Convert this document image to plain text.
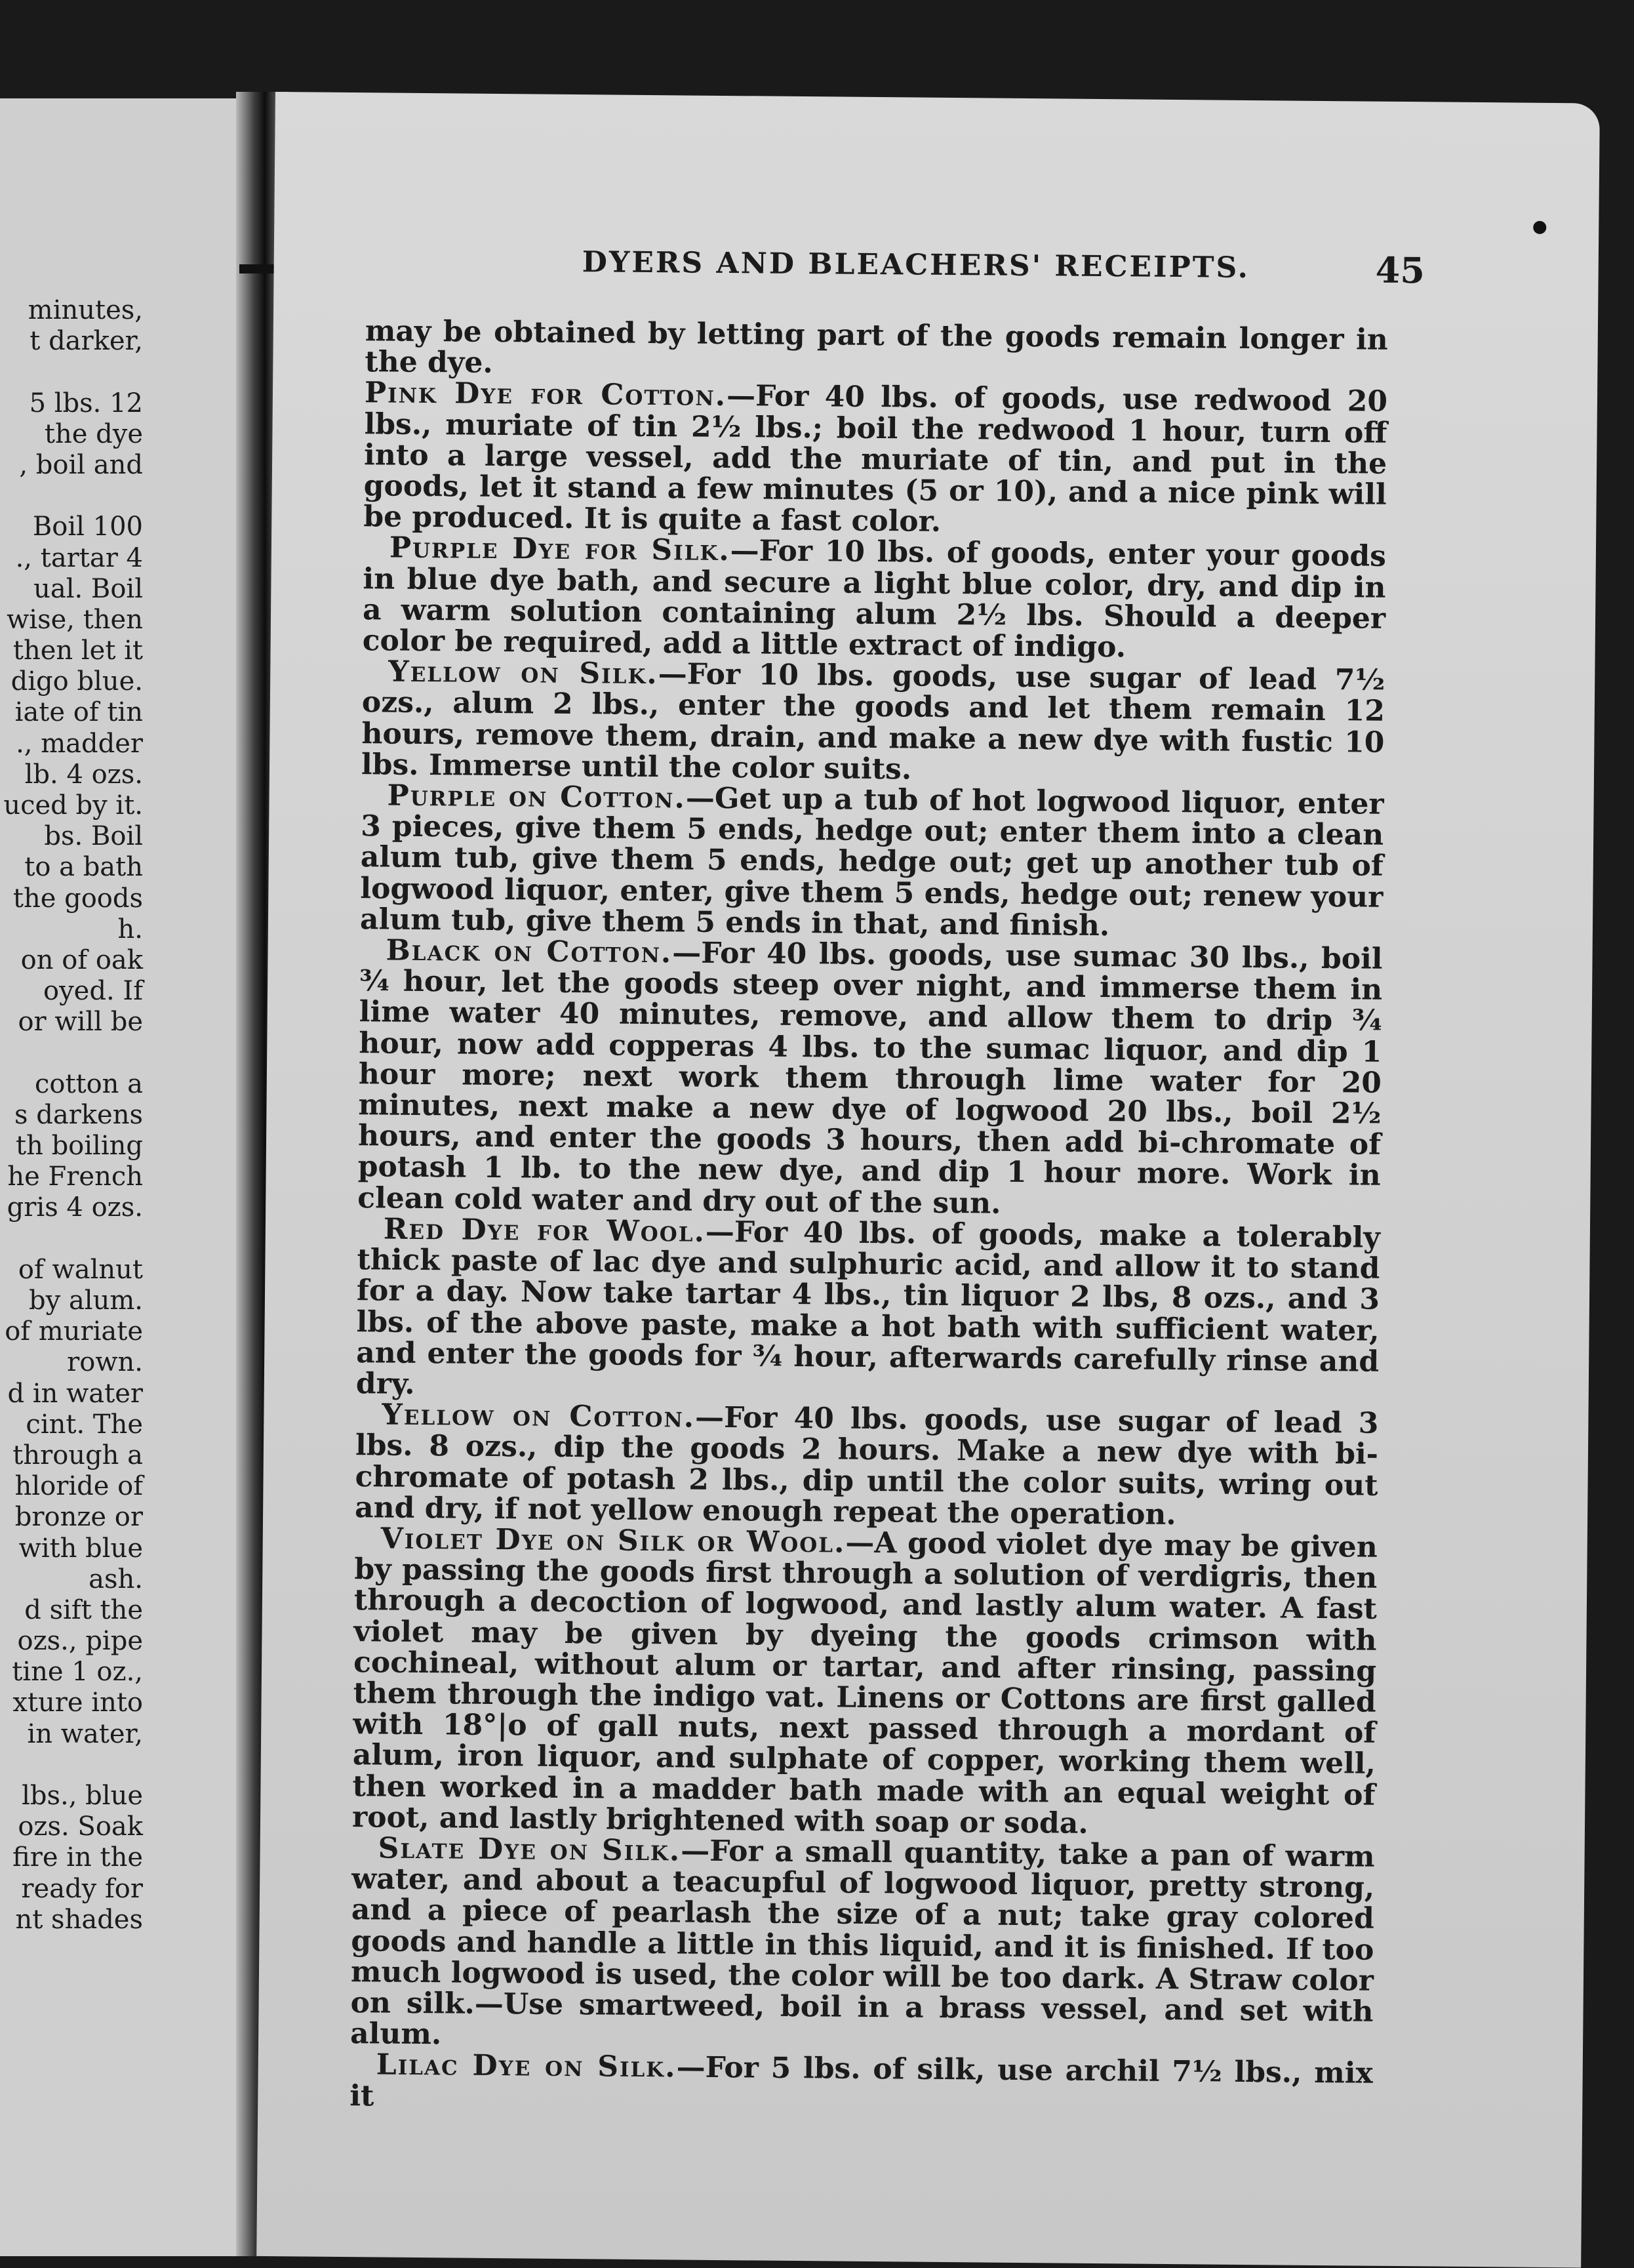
minutes,
t darker,
5 lbs. 12
the dye
, boil and
Boil 100
., tartar 4
ual. Boil
wise, then
then let it
digo blue.
iate of tin
., madder
lb. 4 ozs.
uced by it.
bs. Boil
to a bath
the goods
h.
on of oak
oyed. If
or will be
cotton a
s darkens
th boiling
he French
gris 4 ozs.
of walnut
by alum.
of muriate
rown.
d in water
cint. The
through a
hloride of
bronze or
with blue
ash.
d sift the
ozs., pipe
tine 1 oz.,
xture into
in water,
lbs., blue
ozs. Soak
fire in the
ready for
nt shades
DYERS AND BLEACHERS' RECEIPTS.	45

may be obtained by letting part of the goods remain longer in the dye.

Pink Dye for Cotton.—For 40 lbs. of goods, use redwood 20 lbs., muriate of tin 2½ lbs.; boil the redwood 1 hour, turn off into a large vessel, add the muriate of tin, and put in the goods, let it stand a few minutes (5 or 10), and a nice pink will be produced. It is quite a fast color.

Purple Dye for Silk.—For 10 lbs. of goods, enter your goods in blue dye bath, and secure a light blue color, dry, and dip in a warm solution containing alum 2½ lbs. Should a deeper color be required, add a little extract of indigo.

Yellow on Silk.—For 10 lbs. goods, use sugar of lead 7½ ozs., alum 2 lbs., enter the goods and let them remain 12 hours, remove them, drain, and make a new dye with fustic 10 lbs. Immerse until the color suits.

Purple on Cotton.—Get up a tub of hot logwood liquor, enter 3 pieces, give them 5 ends, hedge out; enter them into a clean alum tub, give them 5 ends, hedge out; get up another tub of logwood liquor, enter, give them 5 ends, hedge out; renew your alum tub, give them 5 ends in that, and finish.

Black on Cotton.—For 40 lbs. goods, use sumac 30 lbs., boil ¾ hour, let the goods steep over night, and immerse them in lime water 40 minutes, remove, and allow them to drip ¾ hour, now add copperas 4 lbs. to the sumac liquor, and dip 1 hour more; next work them through lime water for 20 minutes, next make a new dye of logwood 20 lbs., boil 2½ hours, and enter the goods 3 hours, then add bi-chromate of potash 1 lb. to the new dye, and dip 1 hour more. Work in clean cold water and dry out of the sun.

Red Dye for Wool.—For 40 lbs. of goods, make a tolerably thick paste of lac dye and sulphuric acid, and allow it to stand for a day. Now take tartar 4 lbs., tin liquor 2 lbs, 8 ozs., and 3 lbs. of the above paste, make a hot bath with sufficient water, and enter the goods for ¾ hour, afterwards carefully rinse and dry.

Yellow on Cotton.—For 40 lbs. goods, use sugar of lead 3 lbs. 8 ozs., dip the goods 2 hours. Make a new dye with bi-chromate of potash 2 lbs., dip until the color suits, wring out and dry, if not yellow enough repeat the operation.

Violet Dye on Silk or Wool.—A good violet dye may be given by passing the goods first through a solution of verdigris, then through a decoction of logwood, and lastly alum water. A fast violet may be given by dyeing the goods crimson with cochineal, without alum or tartar, and after rinsing, passing them through the indigo vat. Linens or Cottons are first galled with 18°|o of gall nuts, next passed through a mordant of alum, iron liquor, and sulphate of copper, working them well, then worked in a madder bath made with an equal weight of root, and lastly brightened with soap or soda.

Slate Dye on Silk.—For a small quantity, take a pan of warm water, and about a teacupful of logwood liquor, pretty strong, and a piece of pearlash the size of a nut; take gray colored goods and handle a little in this liquid, and it is finished. If too much logwood is used, the color will be too dark. A Straw color on silk.—Use smartweed, boil in a brass vessel, and set with alum.

Lilac Dye on Silk.—For 5 lbs. of silk, use archil 7½ lbs., mix it
